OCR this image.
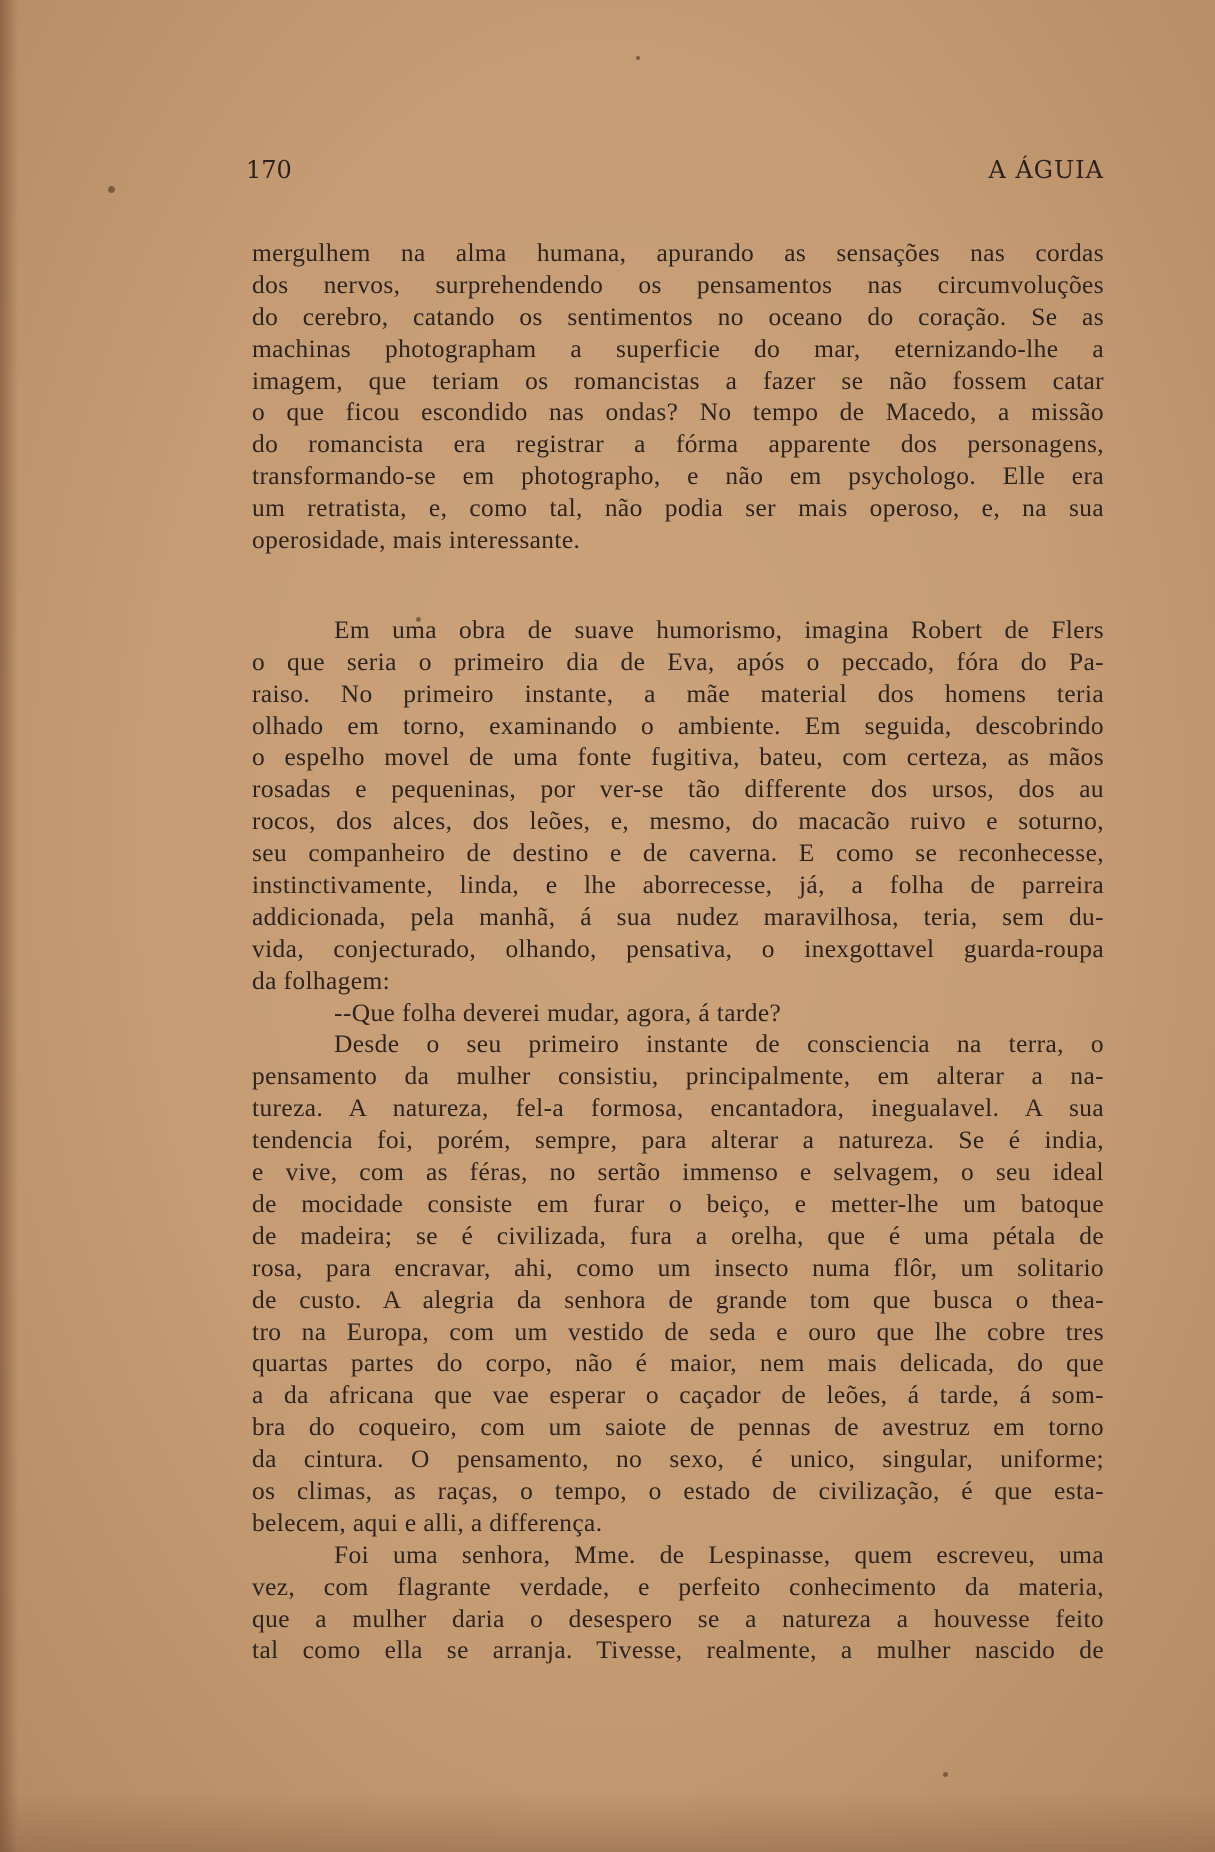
170	A ÁGUIA
mergulhem na alma humana, apurando as sensações nas cordas
dos nervos, surprehendendo os pensamentos nas circumvoluções
do cerebro, catando os sentimentos no oceano do coração. Se as
machinas photographam a superficie do mar, eternizando-lhe a
imagem, que teriam os romancistas a fazer se não fossem catar
o que ficou escondido nas ondas? No tempo de Macedo, a missão
do romancista era registrar a fórma apparente dos personagens,
transformando-se em photographo, e não em psychologo. Elle era
um retratista, e, como tal, não podia ser mais operoso, e, na sua
operosidade, mais interessante.
Em uma obra de suave humorismo, imagina Robert de Flers
o que seria o primeiro dia de Eva, após o peccado, fóra do Pa-
raiso. No primeiro instante, a mãe material dos homens teria
olhado em torno, examinando o ambiente. Em seguida, descobrindo
o espelho movel de uma fonte fugitiva, bateu, com certeza, as mãos
rosadas e pequeninas, por ver-se tão differente dos ursos, dos au
rocos, dos alces, dos leões, e, mesmo, do macacão ruivo e soturno,
seu companheiro de destino e de caverna. E como se reconhecesse,
instinctivamente, linda, e lhe aborrecesse, já, a folha de parreira
addicionada, pela manhã, á sua nudez maravilhosa, teria, sem du-
vida, conjecturado, olhando, pensativa, o inexgottavel guarda-roupa
da folhagem:
--Que folha deverei mudar, agora, á tarde?
Desde o seu primeiro instante de consciencia na terra, o
pensamento da mulher consistiu, principalmente, em alterar a na-
tureza. A natureza, fel-a formosa, encantadora, inegualavel. A sua
tendencia foi, porém, sempre, para alterar a natureza. Se é india,
e vive, com as féras, no sertão immenso e selvagem, o seu ideal
de mocidade consiste em furar o beiço, e metter-lhe um batoque
de madeira; se é civilizada, fura a orelha, que é uma pétala de
rosa, para encravar, ahi, como um insecto numa flôr, um solitario
de custo. A alegria da senhora de grande tom que busca o thea-
tro na Europa, com um vestido de seda e ouro que lhe cobre tres
quartas partes do corpo, não é maior, nem mais delicada, do que
a da africana que vae esperar o caçador de leões, á tarde, á som-
bra do coqueiro, com um saiote de pennas de avestruz em torno
da cintura. O pensamento, no sexo, é unico, singular, uniforme;
os climas, as raças, o tempo, o estado de civilização, é que esta-
belecem, aqui e alli, a differença.
Foi uma senhora, Mme. de Lespinasse, quem escreveu, uma
vez, com flagrante verdade, e perfeito conhecimento da materia,
que a mulher daria o desespero se a natureza a houvesse feito
tal como ella se arranja. Tivesse, realmente, a mulher nascido de
